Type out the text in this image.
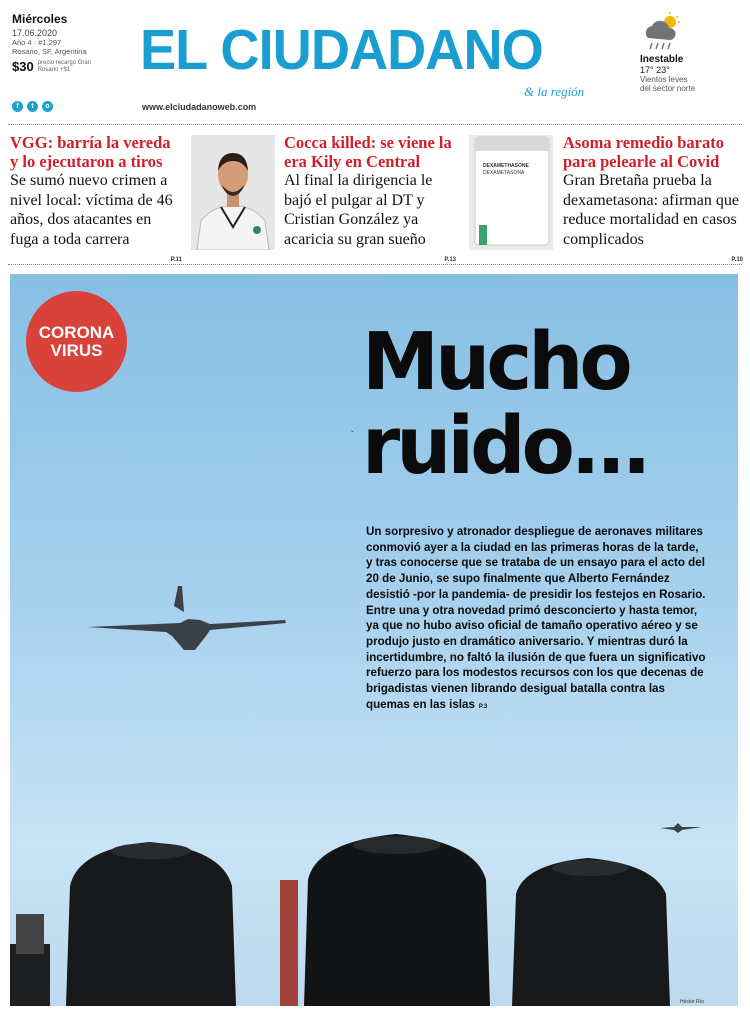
Miércoles
17.06.2020
Año 4 · #1.297
Rosario, SF, Argentina
$30 precio recargo Gran Rosario +$1
f	t	o
EL CIUDADANO
& la región
www.elciudadanoweb.com
Inestable
17° 23°
Vientos leves
del sector norte
VGG: barría la vereda y lo ejecutaron a tiros
Se sumó nuevo crimen a nivel local: víctima de 46 años, dos atacantes en fuga a toda carrera
P.11
Cocca killed: se viene la era Kily en Central
Al final la dirigencia le bajó el pulgar al DT y Cristian González ya acaricia su gran sueño
P.13
DEXAMETHASONE
DEXAMETASONA
Asoma remedio barato para pelearle al Covid
Gran Bretaña prueba la dexametasona: afirman que reduce mortalidad en casos complicados
P.10
CORONA
VIRUS
⌄
Mucho
ruido...
Un sorpresivo y atronador despliegue de aeronaves militares conmovió ayer a la ciudad en las primeras horas de la tarde, y tras conocerse que se trataba de un ensayo para el acto del 20 de Junio, se supo finalmente que Alberto Fernández desistió -por la pandemia- de presidir los festejos en Rosario. Entre una y otra novedad primó desconcierto y hasta temor, ya que no hubo aviso oficial de tamaño operativo aéreo y se produjo justo en dramático aniversario. Y mientras duró la incertidumbre, no faltó la ilusión de que fuera un significativo refuerzo para los modestos recursos con los que decenas de brigadistas vienen librando desigual batalla contra las quemas en las islas P.3
Héctor Río
